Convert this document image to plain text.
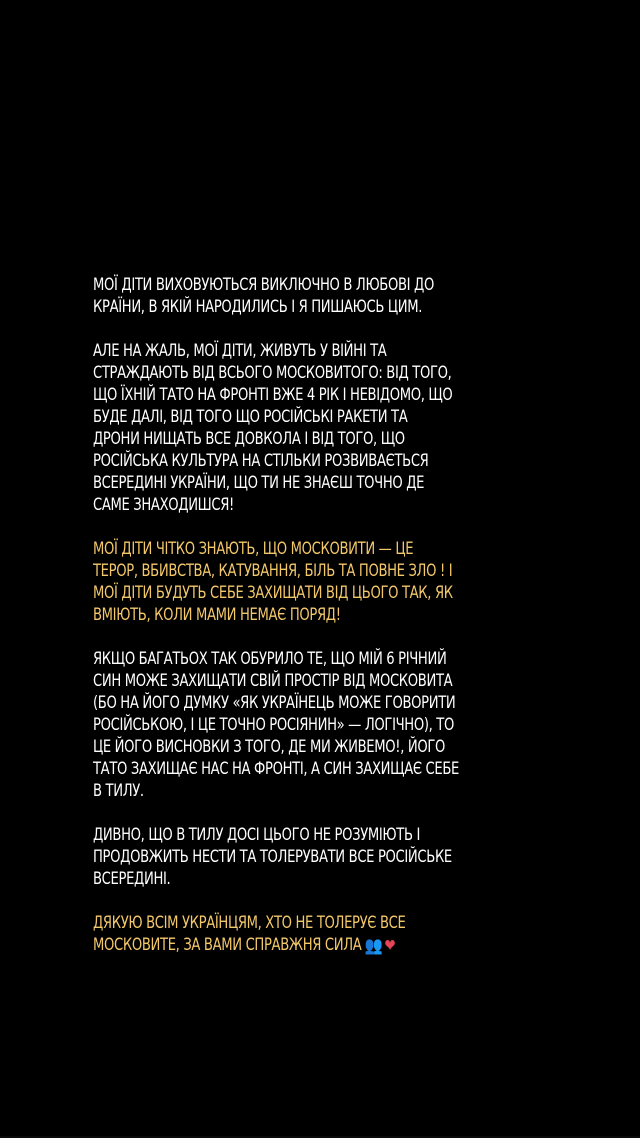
МОЇ ДІТИ ВИХОВУЮТЬСЯ ВИКЛЮЧНО В ЛЮБОВІ ДО
КРАЇНИ, В ЯКІЙ НАРОДИЛИСЬ І Я ПИШАЮСЬ ЦИМ.

АЛЕ НА ЖАЛЬ, МОЇ ДІТИ, ЖИВУТЬ У ВІЙНІ ТА
СТРАЖДАЮТЬ ВІД ВСЬОГО МОСКОВИТОГО: ВІД ТОГО,
ЩО ЇХНІЙ ТАТО НА ФРОНТІ ВЖЕ 4 РІК І НЕВІДОМО, ЩО
БУДЕ ДАЛІ, ВІД ТОГО ЩО РОСІЙСЬКІ РАКЕТИ ТА
ДРОНИ НИЩАТЬ ВСЕ ДОВКОЛА І ВІД ТОГО, ЩО
РОСІЙСЬКА КУЛЬТУРА НА СТІЛЬКИ РОЗВИВАЄТЬСЯ
ВСЕРЕДИНІ УКРАЇНИ, ЩО ТИ НЕ ЗНАЄШ ТОЧНО ДЕ
САМЕ ЗНАХОДИШСЯ!

МОЇ ДІТИ ЧІТКО ЗНАЮТЬ, ЩО МОСКОВИТИ — ЦЕ
ТЕРОР, ВБИВСТВА, КАТУВАННЯ, БІЛЬ ТА ПОВНЕ ЗЛО ! І
МОЇ ДІТИ БУДУТЬ СЕБЕ ЗАХИЩАТИ ВІД ЦЬОГО ТАК, ЯК
ВМІЮТЬ, КОЛИ МАМИ НЕМАЄ ПОРЯД!

ЯКЩО БАГАТЬОХ ТАК ОБУРИЛО ТЕ, ЩО МІЙ 6 РІЧНИЙ
СИН МОЖЕ ЗАХИЩАТИ СВІЙ ПРОСТІР ВІД МОСКОВИТА
(БО НА ЙОГО ДУМКУ «ЯК УКРАЇНЕЦЬ МОЖЕ ГОВОРИТИ
РОСІЙСЬКОЮ, І ЦЕ ТОЧНО РОСІЯНИН» — ЛОГІЧНО), ТО
ЦЕ ЙОГО ВИСНОВКИ З ТОГО, ДЕ МИ ЖИВЕМО!, ЙОГО
ТАТО ЗАХИЩАЄ НАС НА ФРОНТІ, А СИН ЗАХИЩАЄ СЕБЕ
В ТИЛУ.

ДИВНО, ЩО В ТИЛУ ДОСІ ЦЬОГО НЕ РОЗУМІЮТЬ І
ПРОДОВЖИТЬ НЕСТИ ТА ТОЛЕРУВАТИ ВСЕ РОСІЙСЬКЕ
ВСЕРЕДИНІ.

ДЯКУЮ ВСІМ УКРАЇНЦЯМ, ХТО НЕ ТОЛЕРУЄ ВСЕ
МОСКОВИТЕ, ЗА ВАМИ СПРАВЖНЯ СИЛА 👥 ❤
